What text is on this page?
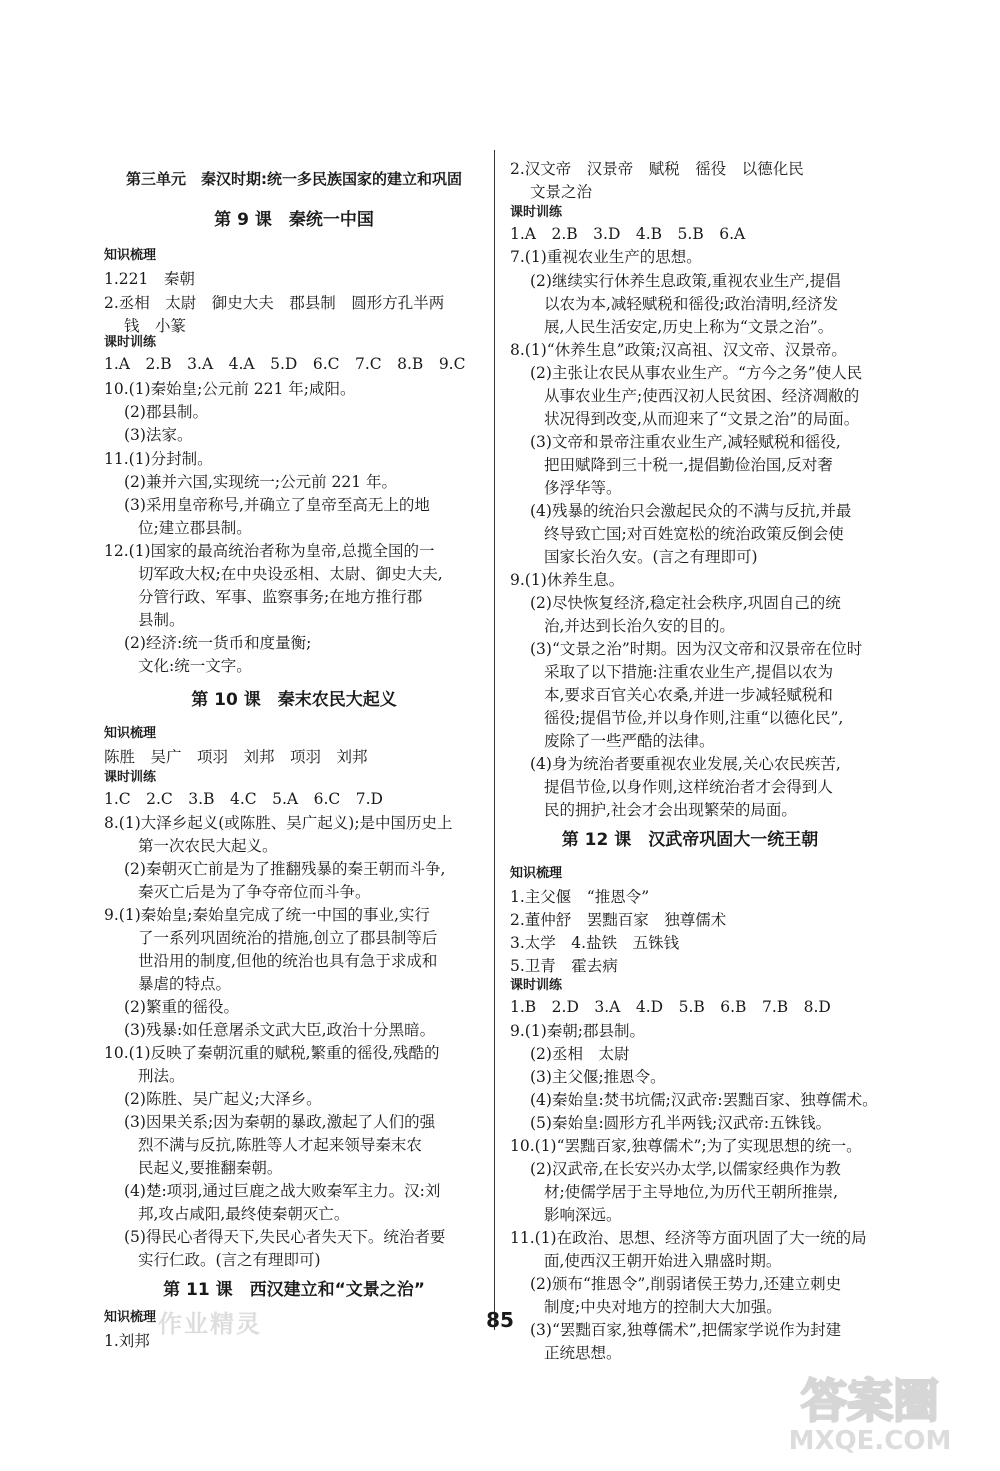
第三单元　秦汉时期:统一多民族国家的建立和巩固
第 9 课　秦统一中国
知识梳理
1.221　秦朝
2.丞相　太尉　御史大夫　郡县制　圆形方孔半两
钱　小篆
课时训练
1.A　2.B　3.A　4.A　5.D　6.C　7.C　8.B　9.C
10.(1)秦始皇;公元前 221 年;咸阳。
(2)郡县制。
(3)法家。
11.(1)分封制。
(2)兼并六国,实现统一;公元前 221 年。
(3)采用皇帝称号,并确立了皇帝至高无上的地
位;建立郡县制。
12.(1)国家的最高统治者称为皇帝,总揽全国的一
切军政大权;在中央设丞相、太尉、御史大夫,
分管行政、军事、监察事务;在地方推行郡
县制。
(2)经济:统一货币和度量衡;
文化:统一文字。
第 10 课　秦末农民大起义
知识梳理
陈胜　吴广　项羽　刘邦　项羽　刘邦
课时训练
1.C　2.C　3.B　4.C　5.A　6.C　7.D
8.(1)大泽乡起义(或陈胜、吴广起义);是中国历史上
第一次农民大起义。
(2)秦朝灭亡前是为了推翻残暴的秦王朝而斗争,
秦灭亡后是为了争夺帝位而斗争。
9.(1)秦始皇;秦始皇完成了统一中国的事业,实行
了一系列巩固统治的措施,创立了郡县制等后
世沿用的制度,但他的统治也具有急于求成和
暴虐的特点。
(2)繁重的徭役。
(3)残暴:如任意屠杀文武大臣,政治十分黑暗。
10.(1)反映了秦朝沉重的赋税,繁重的徭役,残酷的
刑法。
(2)陈胜、吴广起义;大泽乡。
(3)因果关系;因为秦朝的暴政,激起了人们的强
烈不满与反抗,陈胜等人才起来领导秦末农
民起义,要推翻秦朝。
(4)楚:项羽,通过巨鹿之战大败秦军主力。汉:刘
邦,攻占咸阳,最终使秦朝灭亡。
(5)得民心者得天下,失民心者失天下。统治者要
实行仁政。(言之有理即可)
第 11 课　西汉建立和“文景之治”
知识梳理
1.刘邦
作业精灵
2.汉文帝　汉景帝　赋税　徭役　以德化民
文景之治
课时训练
1.A　2.B　3.D　4.B　5.B　6.A
7.(1)重视农业生产的思想。
(2)继续实行休养生息政策,重视农业生产,提倡
以农为本,减轻赋税和徭役;政治清明,经济发
展,人民生活安定,历史上称为“文景之治”。
8.(1)“休养生息”政策;汉高祖、汉文帝、汉景帝。
(2)主张让农民从事农业生产。“方今之务”使人民
从事农业生产;使西汉初人民贫困、经济凋敝的
状况得到改变,从而迎来了“文景之治”的局面。
(3)文帝和景帝注重农业生产,减轻赋税和徭役,
把田赋降到三十税一,提倡勤俭治国,反对奢
侈浮华等。
(4)残暴的统治只会激起民众的不满与反抗,并最
终导致亡国;对百姓宽松的统治政策反倒会使
国家长治久安。(言之有理即可)
9.(1)休养生息。
(2)尽快恢复经济,稳定社会秩序,巩固自己的统
治,并达到长治久安的目的。
(3)“文景之治”时期。因为汉文帝和汉景帝在位时
采取了以下措施:注重农业生产,提倡以农为
本,要求百官关心农桑,并进一步减轻赋税和
徭役;提倡节俭,并以身作则,注重“以德化民”,
废除了一些严酷的法律。
(4)身为统治者要重视农业发展,关心农民疾苦,
提倡节俭,以身作则,这样统治者才会得到人
民的拥护,社会才会出现繁荣的局面。
第 12 课　汉武帝巩固大一统王朝
知识梳理
1.主父偃　“推恩令”
2.董仲舒　罢黜百家　独尊儒术
3.太学　4.盐铁　五铢钱
5.卫青　霍去病
课时训练
1.B　2.D　3.A　4.D　5.B　6.B　7.B　8.D
9.(1)秦朝;郡县制。
(2)丞相　太尉
(3)主父偃;推恩令。
(4)秦始皇:焚书坑儒;汉武帝:罢黜百家、独尊儒术。
(5)秦始皇:圆形方孔半两钱;汉武帝:五铢钱。
10.(1)“罢黜百家,独尊儒术”;为了实现思想的统一。
(2)汉武帝,在长安兴办太学,以儒家经典作为教
材;使儒学居于主导地位,为历代王朝所推崇,
影响深远。
11.(1)在政治、思想、经济等方面巩固了大一统的局
面,使西汉王朝开始进入鼎盛时期。
(2)颁布“推恩令”,削弱诸侯王势力,还建立刺史
制度;中央对地方的控制大大加强。
(3)“罢黜百家,独尊儒术”,把儒家学说作为封建
正统思想。
85
答案圈
MXQE.COM
